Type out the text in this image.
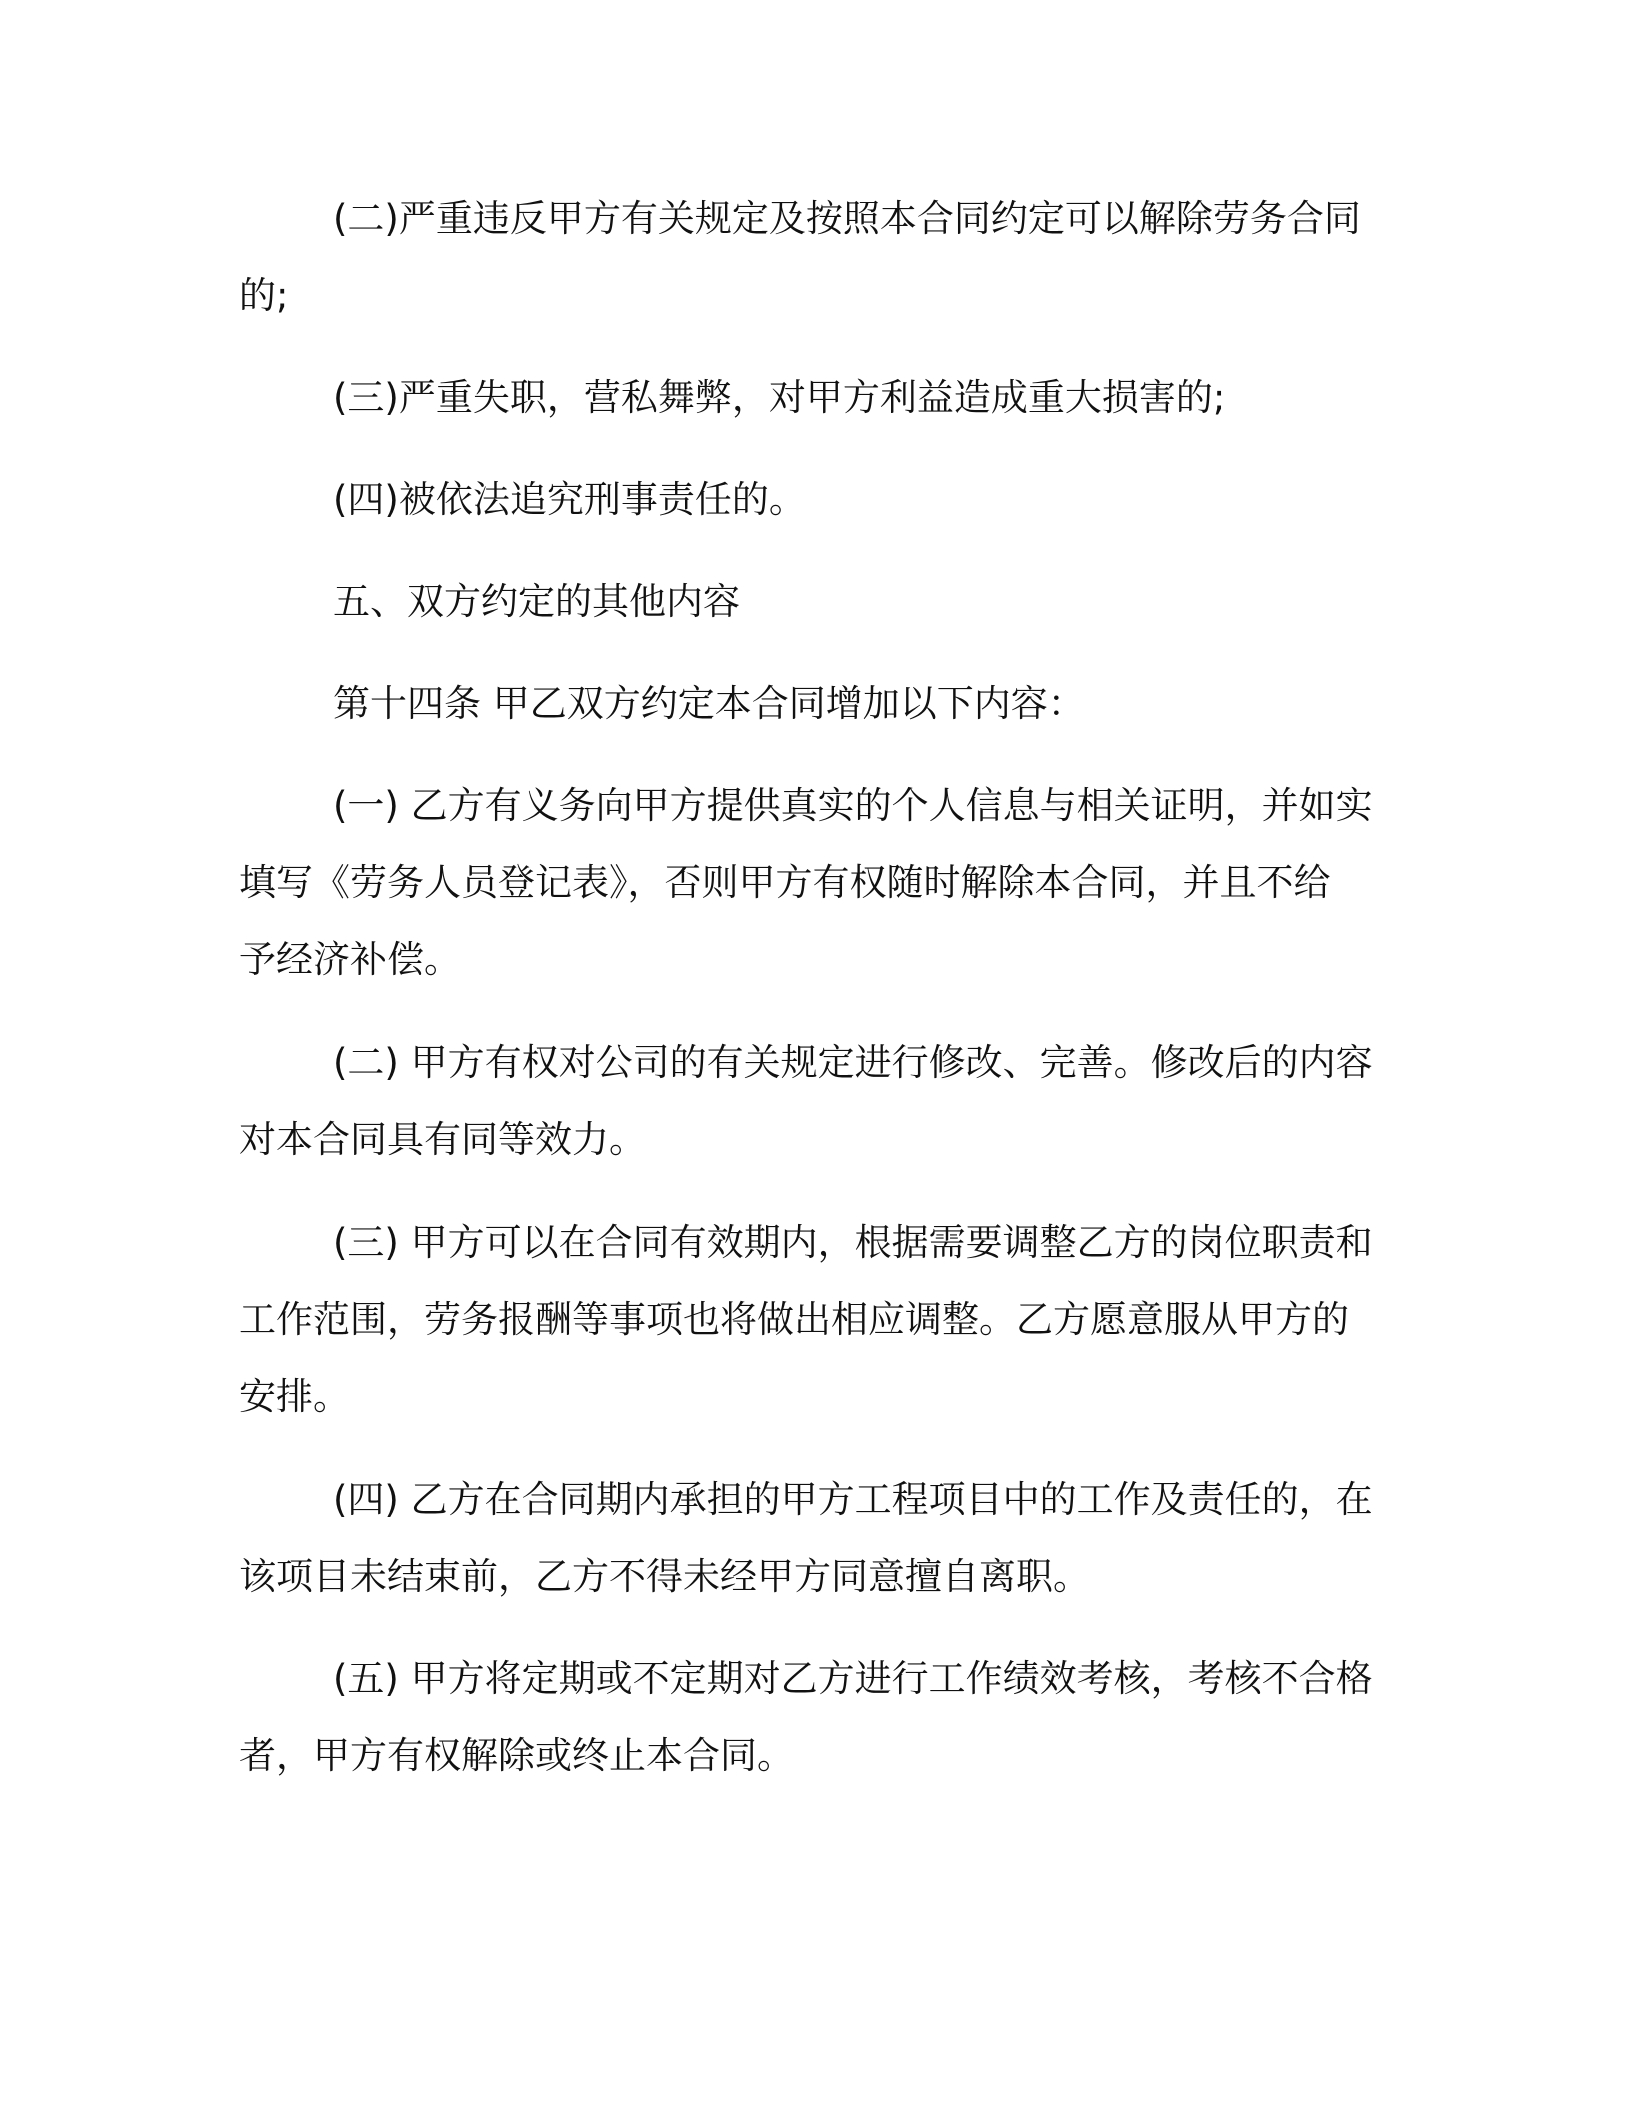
(二)严重违反甲方有关规定及按照本合同约定可以解除劳务合同
的;

(三)严重失职，营私舞弊，对甲方利益造成重大损害的;

(四)被依法追究刑事责任的。

五、双方约定的其他内容

第十四条 甲乙双方约定本合同增加以下内容：

(一) 乙方有义务向甲方提供真实的个人信息与相关证明，并如实
填写《劳务人员登记表》，否则甲方有权随时解除本合同，并且不给
予经济补偿。

(二) 甲方有权对公司的有关规定进行修改、完善。修改后的内容
对本合同具有同等效力。

(三) 甲方可以在合同有效期内，根据需要调整乙方的岗位职责和
工作范围，劳务报酬等事项也将做出相应调整。乙方愿意服从甲方的
安排。

(四) 乙方在合同期内承担的甲方工程项目中的工作及责任的，在
该项目未结束前，乙方不得未经甲方同意擅自离职。

(五) 甲方将定期或不定期对乙方进行工作绩效考核，考核不合格
者，甲方有权解除或终止本合同。
